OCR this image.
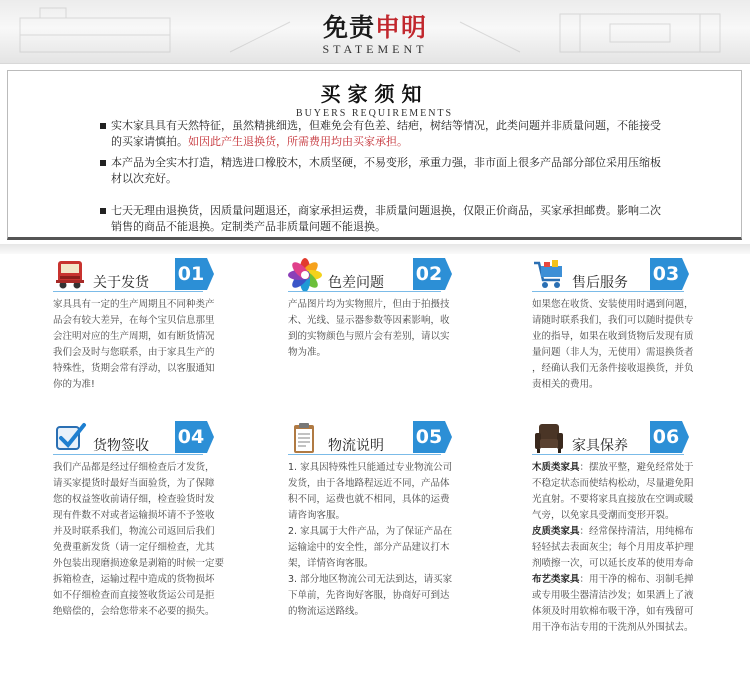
免责申明
STATEMENT
买家须知
BUYERS REQUIREMENTS
实木家具具有天然特征，虽然精挑细选，但难免会有色差、结疤，树结等情况，此类问题并非质量问题，不能接受的买家请慎拍。如因此产生退换货，所需费用均由买家承担。
本产品为全实木打造，精选进口橡胶木，木质坚硬，不易变形，承重力强，非市面上很多产品部分部位采用压缩板材以次充好。
七天无理由退换货，因质量问题退还，商家承担运费，非质量问题退换，仅限正价商品，买家承担邮费。影响二次销售的商品不能退换。定制类产品非质量问题不能退换。
关于发货 01

家具具有一定的生产周期且不同种类产

品会有较大差异，在每个宝贝信息那里

会注明对应的生产周期，如有断货情况

我们会及时与您联系，由于家具生产的

特殊性，货期会常有浮动，以客服通知

你的为准!

色差问题 02

产品图片均为实物照片，但由于拍摄技

术、光线、显示器参数等因素影响，收

到的实物颜色与照片会有差别，请以实

物为准。

售后服务 03

如果您在收货、安装使用时遇到问题，

请随时联系我们，我们可以随时提供专

业的指导，如果在收到货物后发现有质

量问题（非人为，无使用）需退换货者

，经确认我们无条件接收退换货，并负

责相关的费用。

货物签收 04

我们产品都是经过仔细检查后才发货，

请买家提货时最好当面验货，为了保障

您的权益签收前请仔细，检查验货时发

现有件数不对或者运输损坏请不予签收

并及时联系我们，物流公司返回后我们

免费重新发货（请一定仔细检查，尤其

外包装出现磨损迹象是剥箱的时候一定要

拆箱检查，运输过程中造成的货物损坏

如不仔细检查而直接签收货运公司是拒

绝赔偿的，会给您带来不必要的损失。

物流说明 05

1. 家具因特殊性只能通过专业物流公司

发货，由于各地路程远近不同，产品体

积不同，运费也就不相同，具体的运费

请咨询客服。

2. 家具属于大件产品，为了保证产品在

运输途中的安全性，部分产品建议打木

架，详情咨询客服。

3. 部分地区物流公司无法到达，请买家

下单前，先咨询好客服，协商好可到达

的物流运送路线。

家具保养 06

木质类家具：摆放平整，避免经常处于

不稳定状态而使结构松动，尽量避免阳

光直射。不要将家具直接放在空调或暖

气旁，以免家具受潮而变形开裂。

皮质类家具：经常保持清洁，用纯棉布

轻轻拭去表面灰尘；每个月用皮革护理

剂喷擦一次，可以延长皮革的使用寿命

布艺类家具：用干净的棉布、羽制毛掸

或专用吸尘器清洁沙发；如果洒上了液

体须及时用软棉布吸干净，如有残留可

用干净布沾专用的干洗剂从外围拭去。
